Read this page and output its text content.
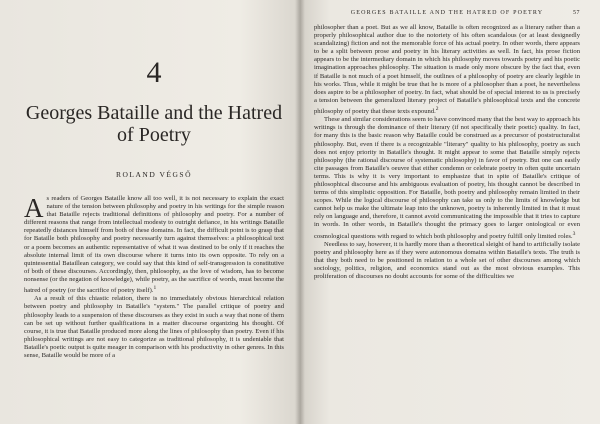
4
Georges Bataille and the Hatred of Poetry
ROLAND VÉGSŐ

As readers of Georges Bataille know all too well, it is not necessary to explain the exact nature of the tension between philosophy and poetry in his writings for the simple reason that Bataille rejects traditional definitions of philosophy and poetry. For a number of different reasons that range from intellectual modesty to outright defiance, in his writings Bataille repeatedly distances himself from both of these domains. In fact, the difficult point is to grasp that for Bataille both philosophy and poetry necessarily turn against themselves: a philosophical text or a poem becomes an authentic representative of what it was destined to be only if it reaches the absolute internal limit of its own discourse where it turns into its own opposite. To rely on a quintessential Bataillean category, we could say that this kind of self-transgression is constitutive of both of these discourses. Accordingly, then, philosophy, as the love of wisdom, has to become nonsense (or the negation of knowledge), while poetry, as the sacrifice of words, must become the hatred of poetry (or the sacrifice of poetry itself).$^1$

As a result of this chiastic relation, there is no immediately obvious hierarchical relation between poetry and philosophy in Bataille's "system." The parallel critique of poetry and philosophy leads to a suspension of these discourses as they exist in such a way that none of them can be set up without further qualifications in a matter discourse organizing his thought. Of course, it is true that Bataille produced more along the lines of philosophy than poetry. Even if his philosophical writings are not easy to categorize as traditional philosophy, it is undeniable that Bataille's poetic output is quite meager in comparison with his productivity in other genres. In this sense, Bataille would be more of a

GEORGES BATAILLE AND THE HATRED OF POETRY	57

philosopher than a poet. But as we all know, Bataille is often recognized as a literary rather than a properly philosophical author due to the notoriety of his often scandalous (or at least designedly scandalizing) fiction and not the memorable force of his actual poetry. In other words, there appears to be a split between prose and poetry in his literary activities as well. In fact, his prose fiction appears to be the intermediary domain in which his philosophy moves towards poetry and his poetic imagination approaches philosophy. The situation is made only more obscure by the fact that, even if Bataille is not much of a poet himself, the outlines of a philosophy of poetry are clearly legible in his works. Thus, while it might be true that he is more of a philosopher than a poet, he nevertheless does aspire to be a philosopher of poetry. In fact, what should be of special interest to us is precisely a tension between the generalized literary project of Bataille's philosophical texts and the concrete philosophy of poetry that these texts expound.$^2$

These and similar considerations seem to have convinced many that the best way to approach his writings is through the dominance of their literary (if not specifically their poetic) quality. In fact, for many this is the basic reason why Bataille could be construed as a precursor of poststructuralist philosophy. But, even if there is a recognizable "literary" quality to his philosophy, poetry as such does not enjoy priority in Bataille's thought. It might appear to some that Bataille simply rejects philosophy (the rational discourse of systematic philosophy) in favor of poetry. But one can easily cite passages from Bataille's oeuvre that either condemn or celebrate poetry in often quite uncertain terms. This is why it is very important to emphasize that in spite of Bataille's critique of philosophical discourse and his ambiguous evaluation of poetry, his thought cannot be described in terms of this simplistic opposition. For Bataille, both poetry and philosophy remain limited in their scopes. While the logical discourse of philosophy can take us only to the limits of knowledge but cannot help us make the ultimate leap into the unknown, poetry is inherently limited in that it must rely on language and, therefore, it cannot avoid communicating the impossible that it tries to capture in words. In other words, in Bataille's thought the primacy goes to larger ontological or even cosmological questions with regard to which both philosophy and poetry fulfill only limited roles.$^3$

Needless to say, however, it is hardly more than a theoretical sleight of hand to artificially isolate poetry and philosophy here as if they were autonomous domains within Bataille's texts. The truth is that they both need to be positioned in relation to a whole set of other discourses among which sociology, politics, religion, and economics stand out as the most obvious examples. This proliferation of discourses no doubt accounts for some of the difficulties we
